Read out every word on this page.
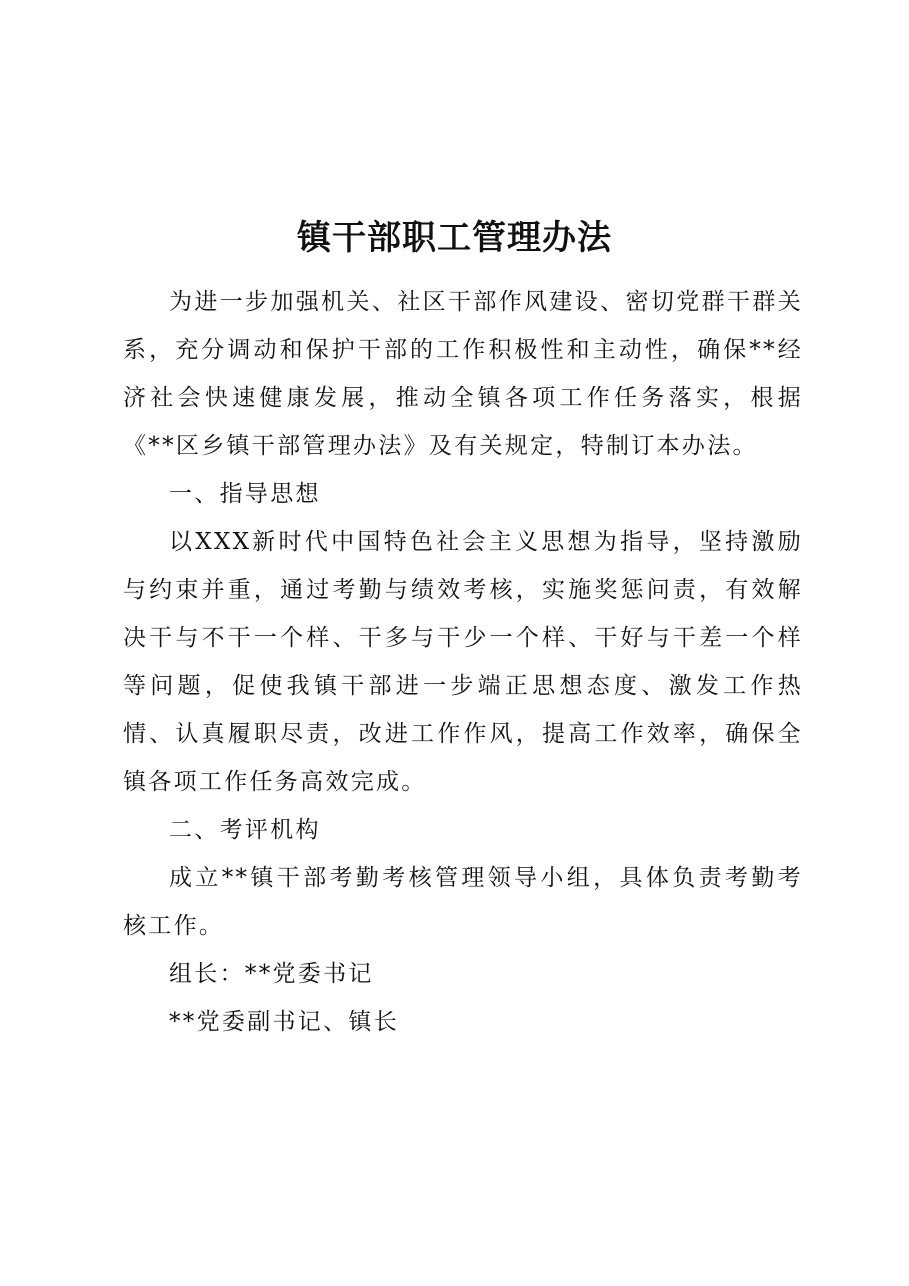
镇干部职工管理办法

为进一步加强机关、社区干部作风建设、密切党群干群关系，充分调动和保护干部的工作积极性和主动性，确保**经济社会快速健康发展，推动全镇各项工作任务落实，根据《**区乡镇干部管理办法》及有关规定，特制订本办法。

一、指导思想

以XXX新时代中国特色社会主义思想为指导，坚持激励与约束并重，通过考勤与绩效考核，实施奖惩问责，有效解决干与不干一个样、干多与干少一个样、干好与干差一个样等问题，促使我镇干部进一步端正思想态度、激发工作热情、认真履职尽责，改进工作作风，提高工作效率，确保全镇各项工作任务高效完成。

二、考评机构

成立**镇干部考勤考核管理领导小组，具体负责考勤考核工作。

组长：**党委书记

**党委副书记、镇长
